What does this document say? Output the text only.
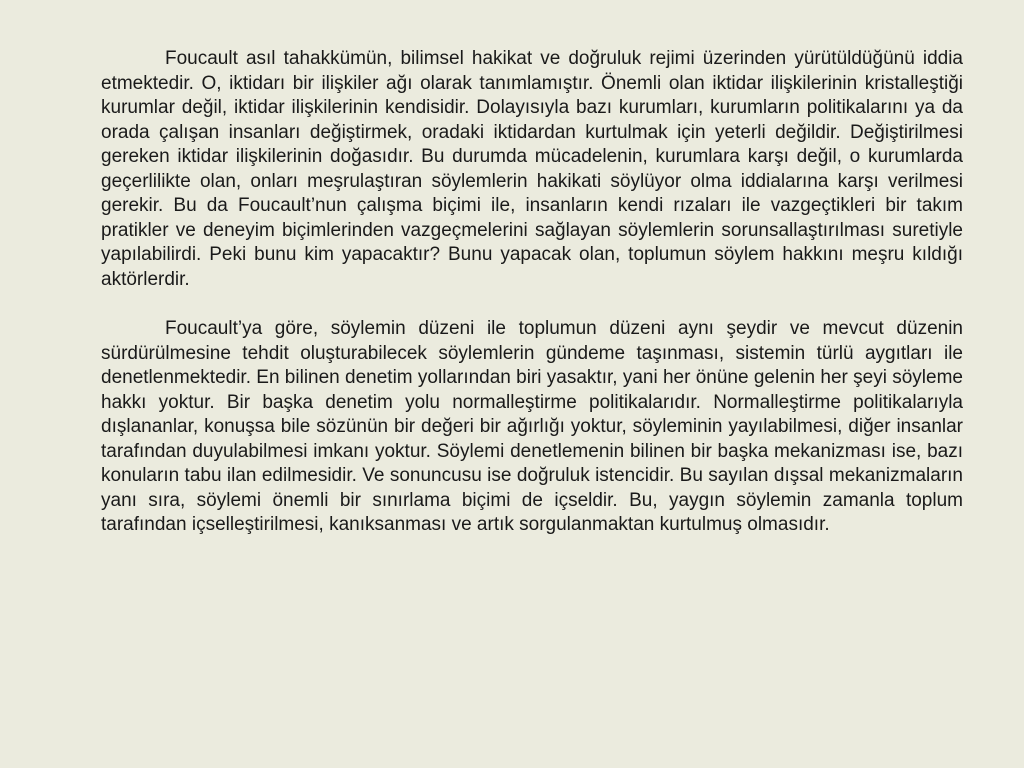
Foucault asıl tahakkümün, bilimsel hakikat ve doğruluk rejimi üzerinden yürütüldüğünü iddia etmektedir. O, iktidarı bir ilişkiler ağı olarak tanımlamıştır. Önemli olan iktidar ilişkilerinin kristalleştiği kurumlar değil, iktidar ilişkilerinin kendisidir. Dolayısıyla bazı kurumları, kurumların politikalarını ya da orada çalışan insanları değiştirmek, oradaki iktidardan kurtulmak için yeterli değildir. Değiştirilmesi gereken iktidar ilişkilerinin doğasıdır. Bu durumda mücadelenin, kurumlara karşı değil, o kurumlarda geçerlilikte olan, onları meşrulaştıran söylemlerin hakikati söylüyor olma iddialarına karşı verilmesi gerekir. Bu da Foucault’nun çalışma biçimi ile, insanların kendi rızaları ile vazgeçtikleri bir takım pratikler ve deneyim biçimlerinden vazgeçmelerini sağlayan söylemlerin sorunsallaştırılması suretiyle yapılabilirdi. Peki bunu kim yapacaktır? Bunu yapacak olan, toplumun söylem hakkını meşru kıldığı aktörlerdir.

Foucault’ya göre, söylemin düzeni ile toplumun düzeni aynı şeydir ve mevcut düzenin sürdürülmesine tehdit oluşturabilecek söylemlerin gündeme taşınması, sistemin türlü aygıtları ile denetlenmektedir. En bilinen denetim yollarından biri yasaktır, yani her önüne gelenin her şeyi söyleme hakkı yoktur. Bir başka denetim yolu normalleştirme politikalarıdır. Normalleştirme politikalarıyla dışlananlar, konuşsa bile sözünün bir değeri bir ağırlığı yoktur, söyleminin yayılabilmesi, diğer insanlar tarafından duyulabilmesi imkanı yoktur. Söylemi denetlemenin bilinen bir başka mekanizması ise, bazı konuların tabu ilan edilmesidir. Ve sonuncusu ise doğruluk istencidir. Bu sayılan dışsal mekanizmaların yanı sıra, söylemi önemli bir sınırlama biçimi de içseldir. Bu, yaygın söylemin zamanla toplum tarafından içselleştirilmesi, kanıksanması ve artık sorgulanmaktan kurtulmuş olmasıdır.
